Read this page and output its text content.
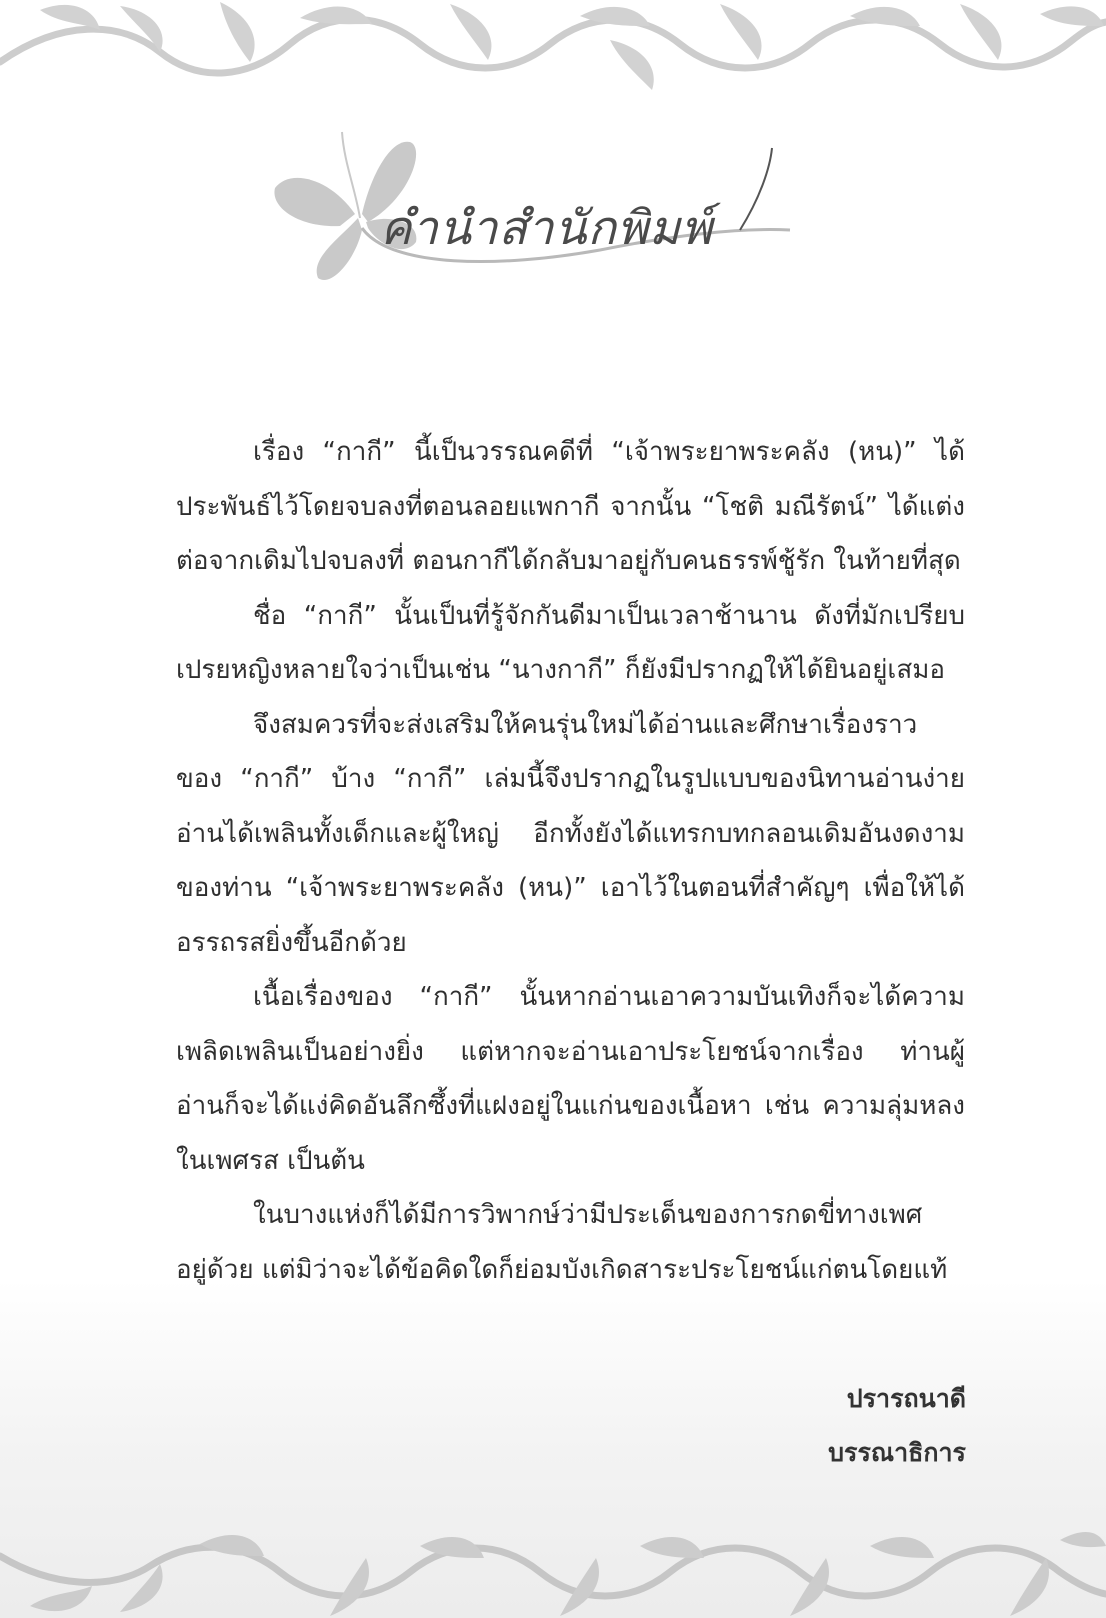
คำนำสำนักพิมพ์
เรื่อง “กากี” นี้เป็นวรรณคดีที่ “เจ้าพระยาพระคลัง (หน)” ได้
ประพันธ์ไว้โดยจบลงที่ตอนลอยแพกากี จากนั้น “โชติ มณีรัตน์” ได้แต่ง
ต่อจากเดิมไปจบลงที่ ตอนกากีได้กลับมาอยู่กับคนธรรพ์ชู้รัก ในท้ายที่สุด
ชื่อ “กากี” นั้นเป็นที่รู้จักกันดีมาเป็นเวลาช้านาน ดังที่มักเปรียบ
เปรยหญิงหลายใจว่าเป็นเช่น “นางกากี” ก็ยังมีปรากฏให้ได้ยินอยู่เสมอ
จึงสมควรที่จะส่งเสริมให้คนรุ่นใหม่ได้อ่านและศึกษาเรื่องราว
ของ “กากี” บ้าง “กากี” เล่มนี้จึงปรากฏในรูปแบบของนิทานอ่านง่าย
อ่านได้เพลินทั้งเด็กและผู้ใหญ่ อีกทั้งยังได้แทรกบทกลอนเดิมอันงดงาม
ของท่าน “เจ้าพระยาพระคลัง (หน)” เอาไว้ในตอนที่สำคัญๆ เพื่อให้ได้
อรรถรสยิ่งขึ้นอีกด้วย
เนื้อเรื่องของ “กากี” นั้นหากอ่านเอาความบันเทิงก็จะได้ความ
เพลิดเพลินเป็นอย่างยิ่ง แต่หากจะอ่านเอาประโยชน์จากเรื่อง ท่านผู้
อ่านก็จะได้แง่คิดอันลึกซึ้งที่แฝงอยู่ในแก่นของเนื้อหา เช่น ความลุ่มหลง
ในเพศรส เป็นต้น
ในบางแห่งก็ได้มีการวิพากษ์ว่ามีประเด็นของการกดขี่ทางเพศ
อยู่ด้วย แต่มิว่าจะได้ข้อคิดใดก็ย่อมบังเกิดสาระประโยชน์แก่ตนโดยแท้
ปรารถนาดี
บรรณาธิการ
